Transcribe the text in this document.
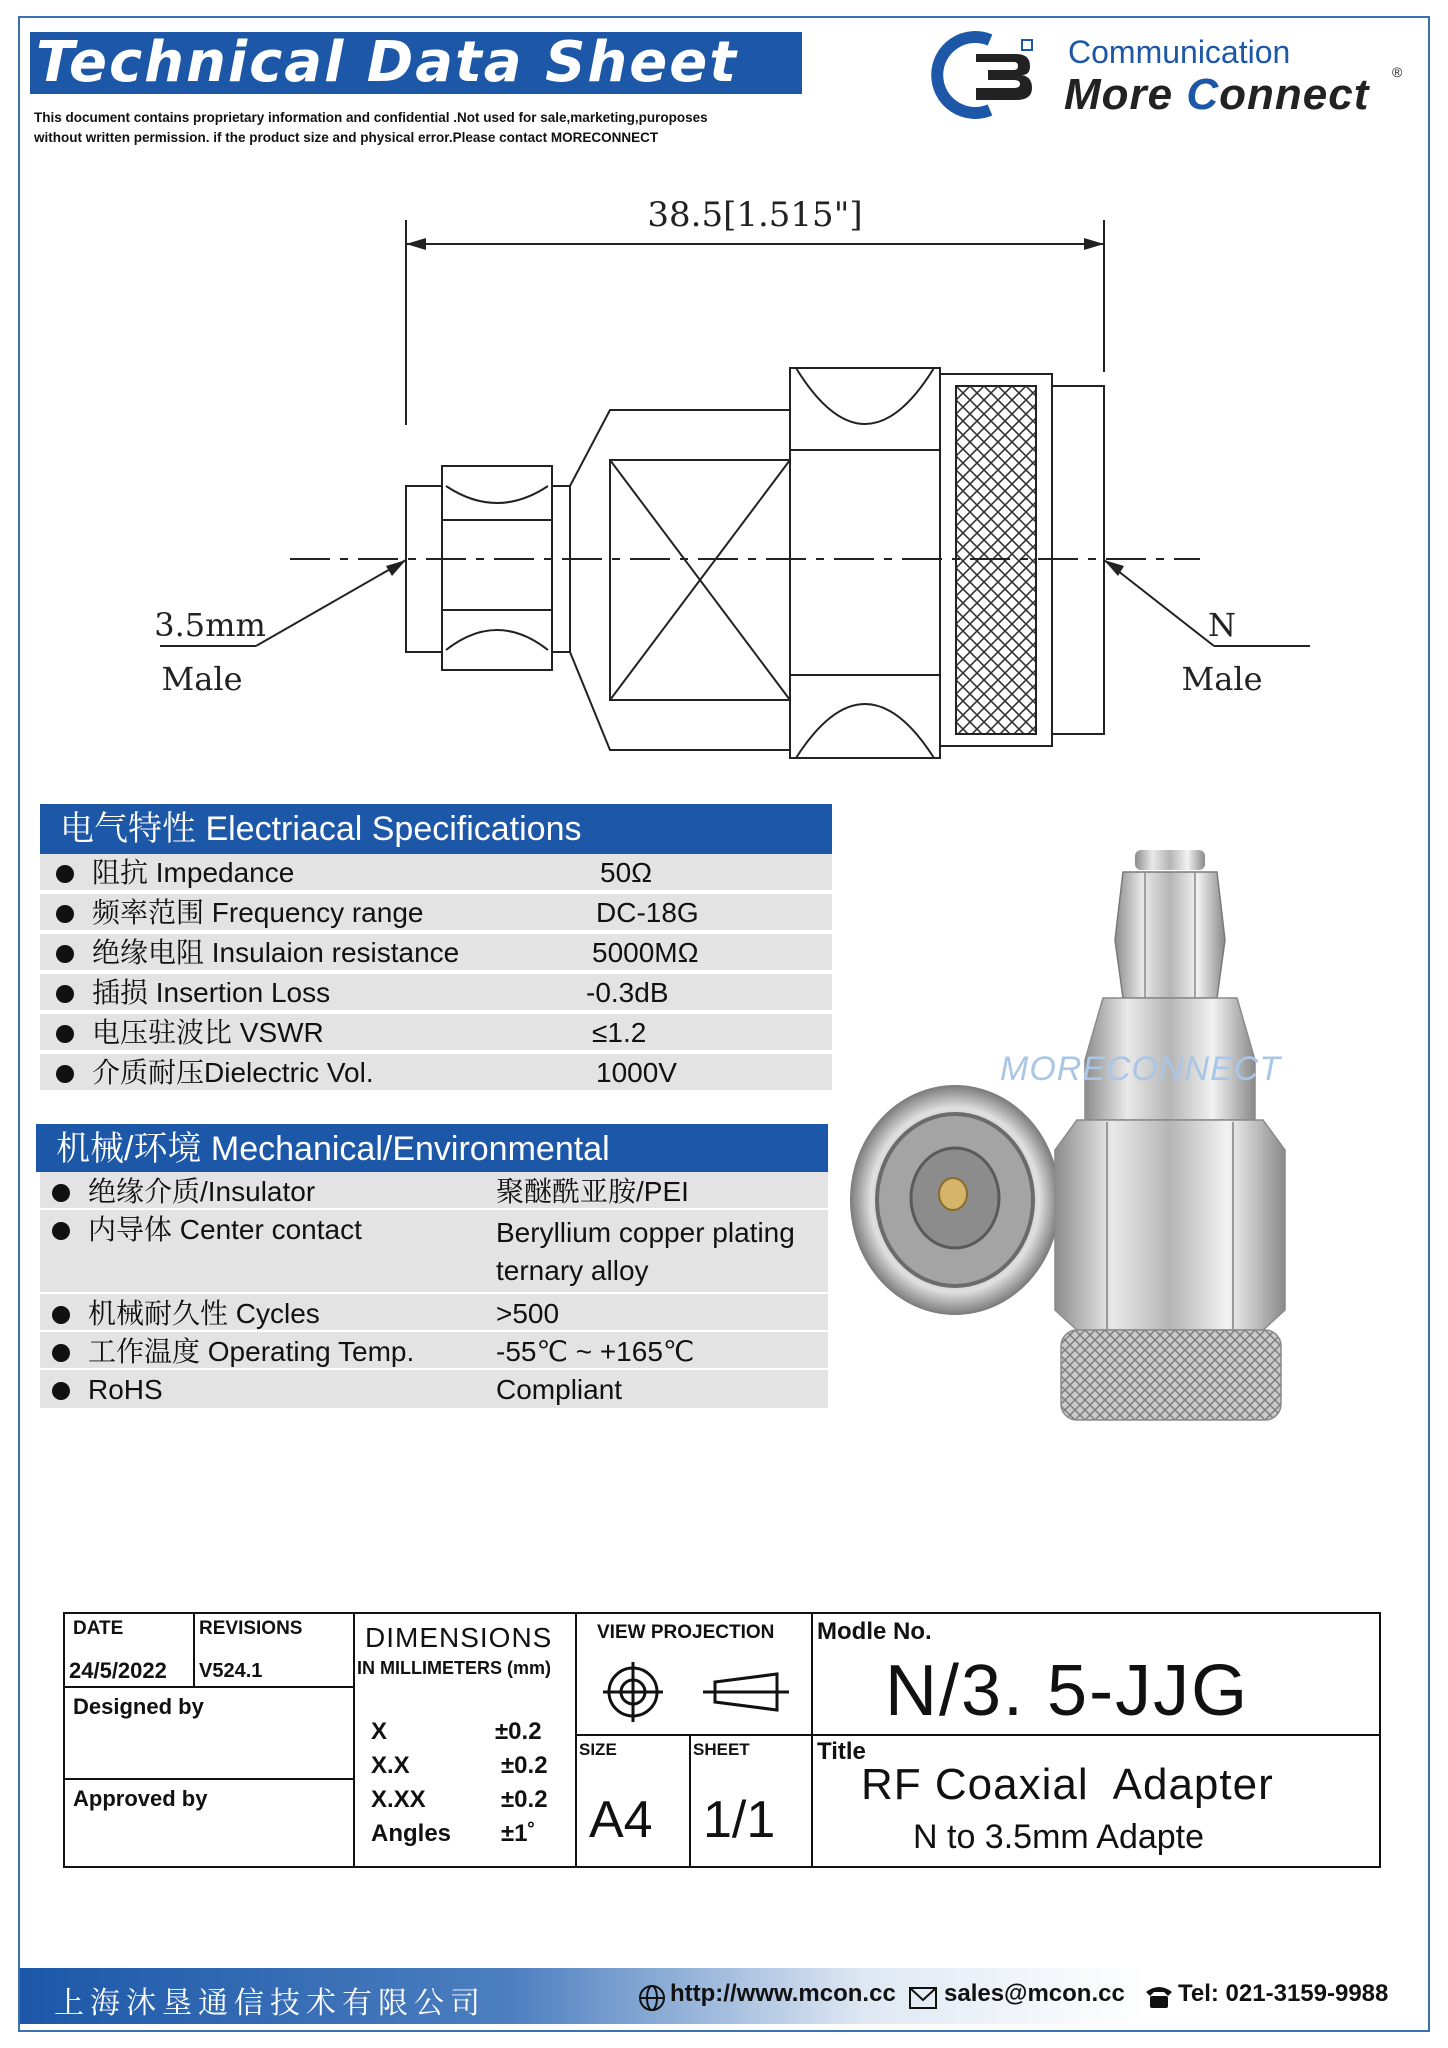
Technical Data Sheet
This document contains proprietary information and confidential .Not used for sale,marketing,puroposes
without written permission. if the product size and physical error.Please contact MORECONNECT
Communication
More Connect ®
38.5[1.515"]
3.5mm
Male
N
Male
电气特性 Electriacal Specifications
阻抗 Impedance	50Ω
频率范围 Frequency range	DC-18G
绝缘电阻 Insulaion resistance	5000MΩ
插损 Insertion Loss	-0.3dB
电压驻波比 VSWR	≤1.2
介质耐压Dielectric Vol.	1000V
机械/环境 Mechanical/Environmental
绝缘介质/Insulator	聚醚酰亚胺/PEI
内导体 Center contact	Beryllium copper plating ternary alloy
机械耐久性 Cycles	>500
工作温度 Operating Temp.	-55℃ ~ +165℃
RoHS	Compliant
MORECONNECT
DATE
24/5/2022
REVISIONS
V524.1
Designed by
Approved by
DIMENSIONS
IN MILLIMETERS (mm)
X	±0.2
X.X	±0.2
X.XX	±0.2
Angles ±1˚
VIEW PROJECTION
SIZE
A4
SHEET
1/1
Modle No.
N/3. 5-JJG
Title
RF Coaxial  Adapter
N to 3.5mm Adapte
上海沐垦通信技术有限公司	http://www.mcon.cc sales@mcon.cc Tel: 021-3159-9988
